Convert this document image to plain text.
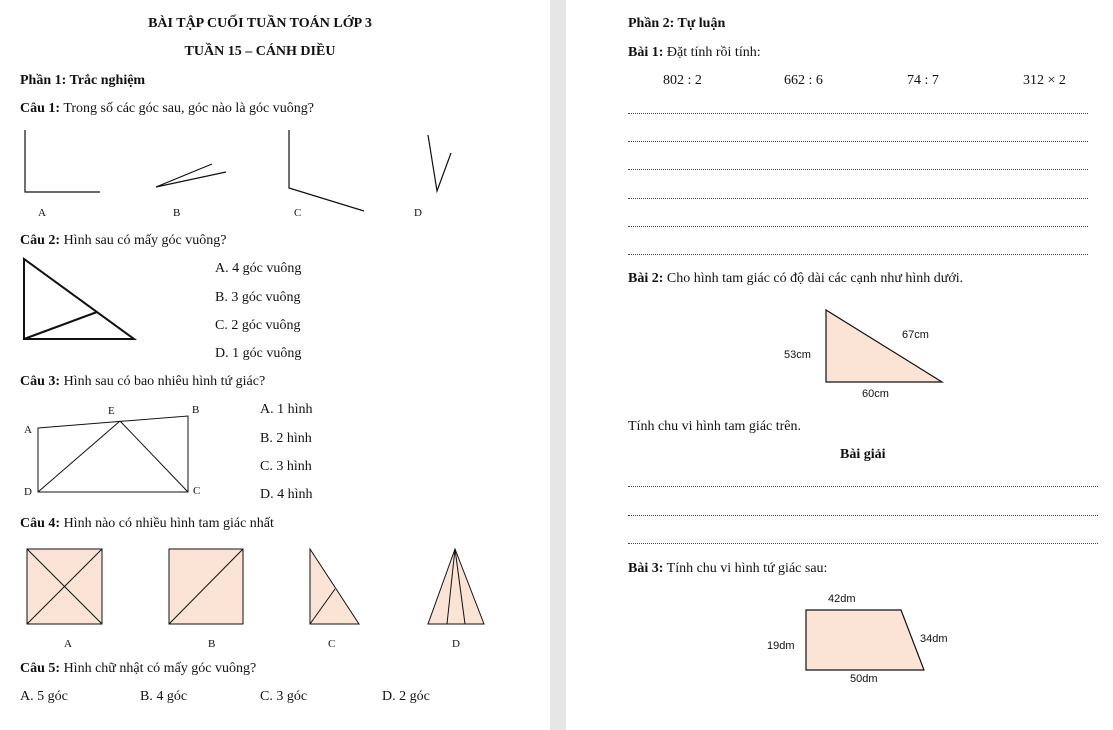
BÀI TẬP CUỐI TUẦN TOÁN LỚP 3
TUẦN 15 – CÁNH DIỀU
Phần 1: Trắc nghiệm
Câu 1: Trong số các góc sau, góc nào là góc vuông?
A	B	C	D
Câu 2: Hình sau có mấy góc vuông?
A. 4 góc vuông
B. 3 góc vuông
C. 2 góc vuông
D. 1 góc vuông
Câu 3: Hình sau có bao nhiêu hình tứ giác?
E	B
A
D	C
A. 1 hình
B. 2 hình
C. 3 hình
D. 4 hình
Câu 4: Hình nào có nhiều hình tam giác nhất
A	B	C	D
Câu 5: Hình chữ nhật có mấy góc vuông?
A. 5 góc	B. 4 góc	C. 3 góc	D. 2 góc
Phần 2: Tự luận
Bài 1: Đặt tính rồi tính:
802 : 2	662 : 6	74 : 7	312 × 2
Bài 2: Cho hình tam giác có độ dài các cạnh như hình dưới.
67cm
53cm
60cm
Tính chu vi hình tam giác trên.
Bài giải
Bài 3: Tính chu vi hình tứ giác sau:
42dm
19dm
34dm
50dm
